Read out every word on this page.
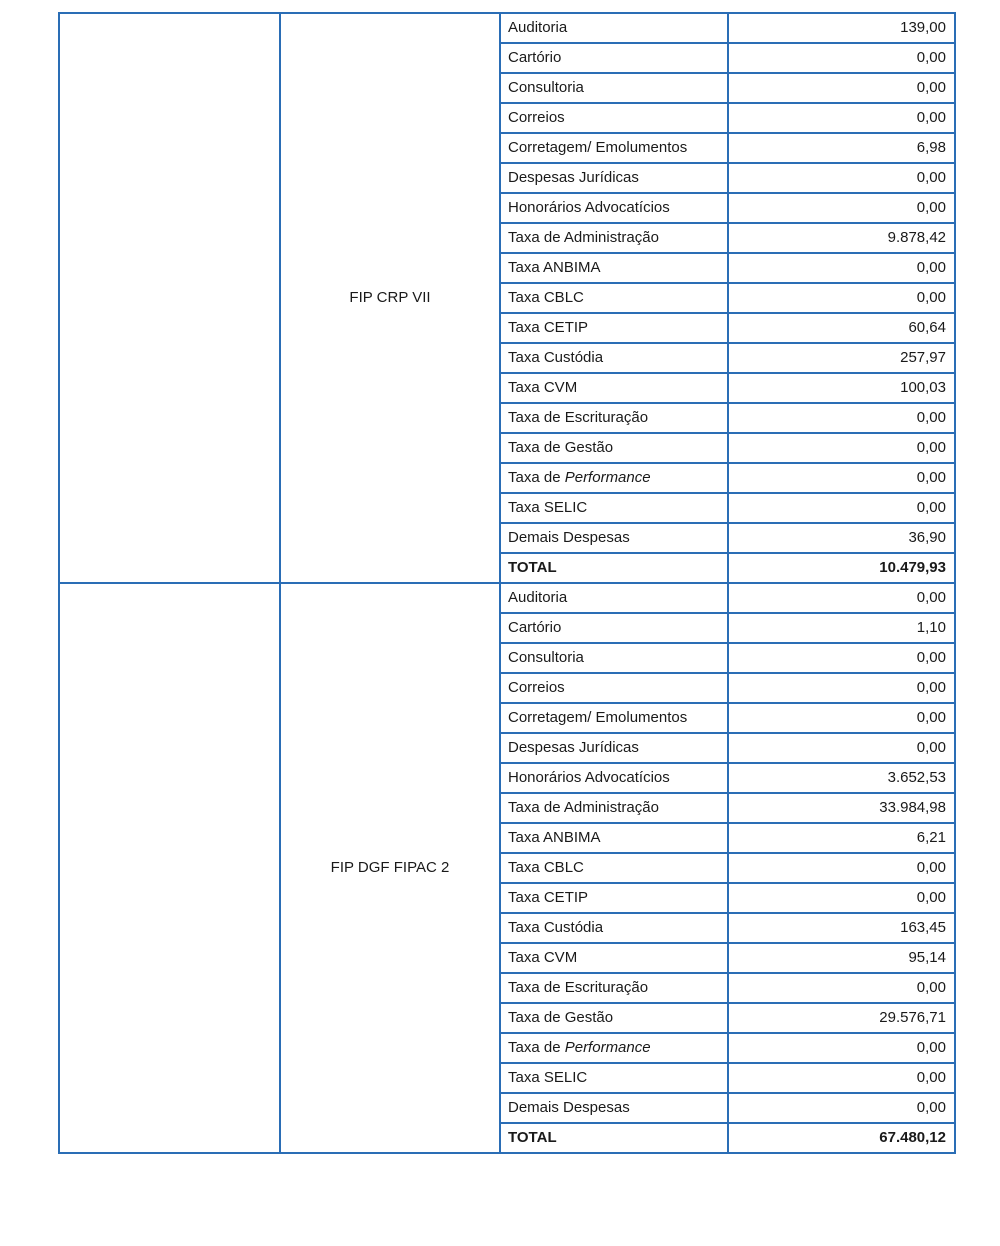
	FIP CRP VII	Auditoria	139,00
		Cartório	0,00
		Consultoria	0,00
		Correios	0,00
		Corretagem/ Emolumentos	6,98
		Despesas Jurídicas	0,00
		Honorários Advocatícios	0,00
		Taxa de Administração	9.878,42
		Taxa ANBIMA	0,00
		Taxa CBLC	0,00
		Taxa CETIP	60,64
		Taxa Custódia	257,97
		Taxa CVM	100,03
		Taxa de Escrituração	0,00
		Taxa de Gestão	0,00
		Taxa de Performance	0,00
		Taxa SELIC	0,00
		Demais Despesas	36,90
		TOTAL	10.479,93
	FIP DGF FIPAC 2	Auditoria	0,00
		Cartório	1,10
		Consultoria	0,00
		Correios	0,00
		Corretagem/ Emolumentos	0,00
		Despesas Jurídicas	0,00
		Honorários Advocatícios	3.652,53
		Taxa de Administração	33.984,98
		Taxa ANBIMA	6,21
		Taxa CBLC	0,00
		Taxa CETIP	0,00
		Taxa Custódia	163,45
		Taxa CVM	95,14
		Taxa de Escrituração	0,00
		Taxa de Gestão	29.576,71
		Taxa de Performance	0,00
		Taxa SELIC	0,00
		Demais Despesas	0,00
		TOTAL	67.480,12
